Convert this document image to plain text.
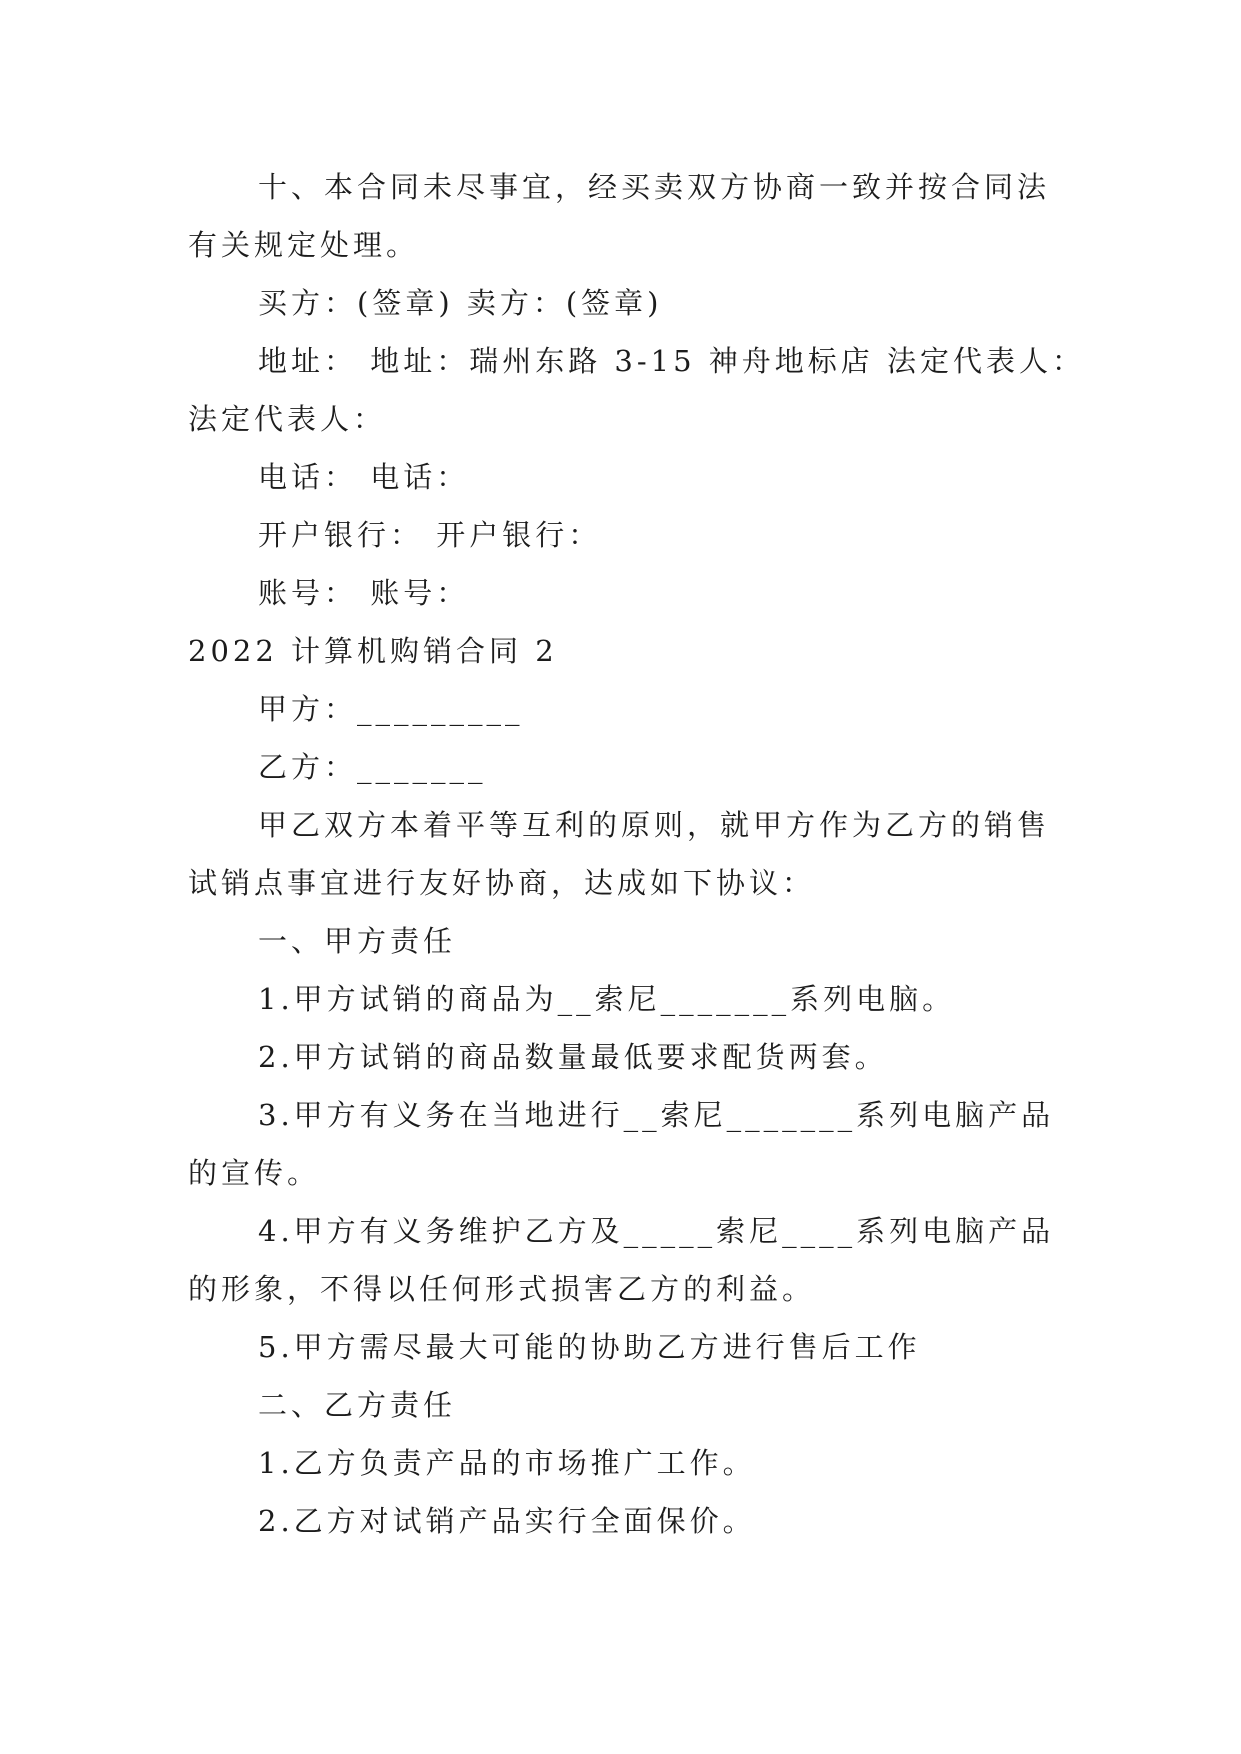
十、本合同未尽事宜，经买卖双方协商一致并按合同法
有关规定处理。
买方：(签章) 卖方：(签章)
地址： 地址：瑞州东路 3-15 神舟地标店 法定代表人：
法定代表人：
电话： 电话：
开户银行： 开户银行：
账号： 账号：
2022 计算机购销合同 2
甲方：_________
乙方：_______
甲乙双方本着平等互利的原则，就甲方作为乙方的销售
试销点事宜进行友好协商，达成如下协议：
一、甲方责任
1.甲方试销的商品为__索尼_______系列电脑。
2.甲方试销的商品数量最低要求配货两套。
3.甲方有义务在当地进行__索尼_______系列电脑产品
的宣传。
4.甲方有义务维护乙方及_____索尼____系列电脑产品
的形象，不得以任何形式损害乙方的利益。
5.甲方需尽最大可能的协助乙方进行售后工作
二、乙方责任
1.乙方负责产品的市场推广工作。
2.乙方对试销产品实行全面保价。
